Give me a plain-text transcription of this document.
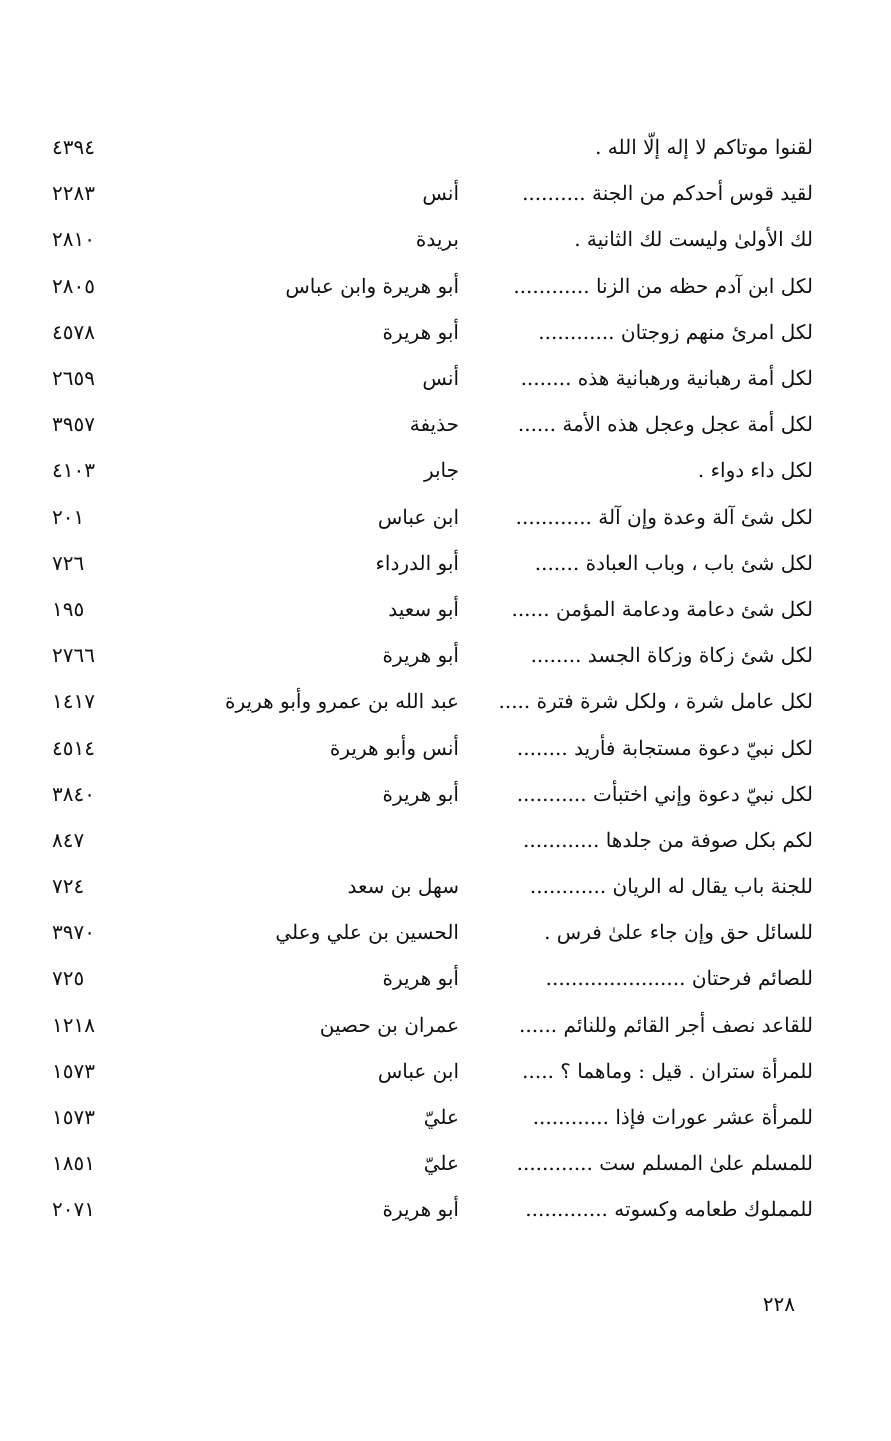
لقنوا موتاكم لا إله إلّا الله .
٤٣٩٤
لقيد قوس أحدكم من الجنة ..........
أنس
٢٢٨٣
لك الأولىٰ وليست لك الثانية .
بريدة
٢٨١٠
لكل ابن آدم حظه من الزنا ............
أبو هريرة وابن عباس
٢٨٠٥
لكل امرئ منهم زوجتان ............
أبو هريرة
٤٥٧٨
لكل أمة رهبانية ورهبانية هذه ........
أنس
٢٦٥٩
لكل أمة عجل وعجل هذه الأمة ......
حذيفة
٣٩٥٧
لكل داء دواء .
جابر
٤١٠٣
لكل شئ آلة وعدة وإن آلة ............
ابن عباس
٢٠١
لكل شئ باب ، وباب العبادة .......
أبو الدرداء
٧٢٦
لكل شئ دعامة ودعامة المؤمن ......
أبو سعيد
١٩٥
لكل شئ زكاة وزكاة الجسد ........
أبو هريرة
٢٧٦٦
لكل عامل شرة ، ولكل شرة فترة .....
عبد الله بن عمرو وأبو هريرة
١٤١٧
لكل نبيّ دعوة مستجابة فأريد ........
أنس وأبو هريرة
٤٥١٤
لكل نبيّ دعوة وإني اختبأت ...........
أبو هريرة
٣٨٤٠
لكم بكل صوفة من جلدها ............
٨٤٧
للجنة باب يقال له الريان ............
سهل بن سعد
٧٢٤
للسائل حق وإن جاء علىٰ فرس .
الحسين بن علي وعلي
٣٩٧٠
للصائم فرحتان ......................
أبو هريرة
٧٢٥
للقاعد نصف أجر القائم وللنائم ......
عمران بن حصين
١٢١٨
للمرأة ستران . قيل : وماهما ؟ .....
ابن عباس
١٥٧٣
للمرأة عشر عورات فإذا ............
عليّ
١٥٧٣
للمسلم علىٰ المسلم ست ............
عليّ
١٨٥١
للمملوك طعامه وكسوته .............
أبو هريرة
٢٠٧١
٢٢٨
